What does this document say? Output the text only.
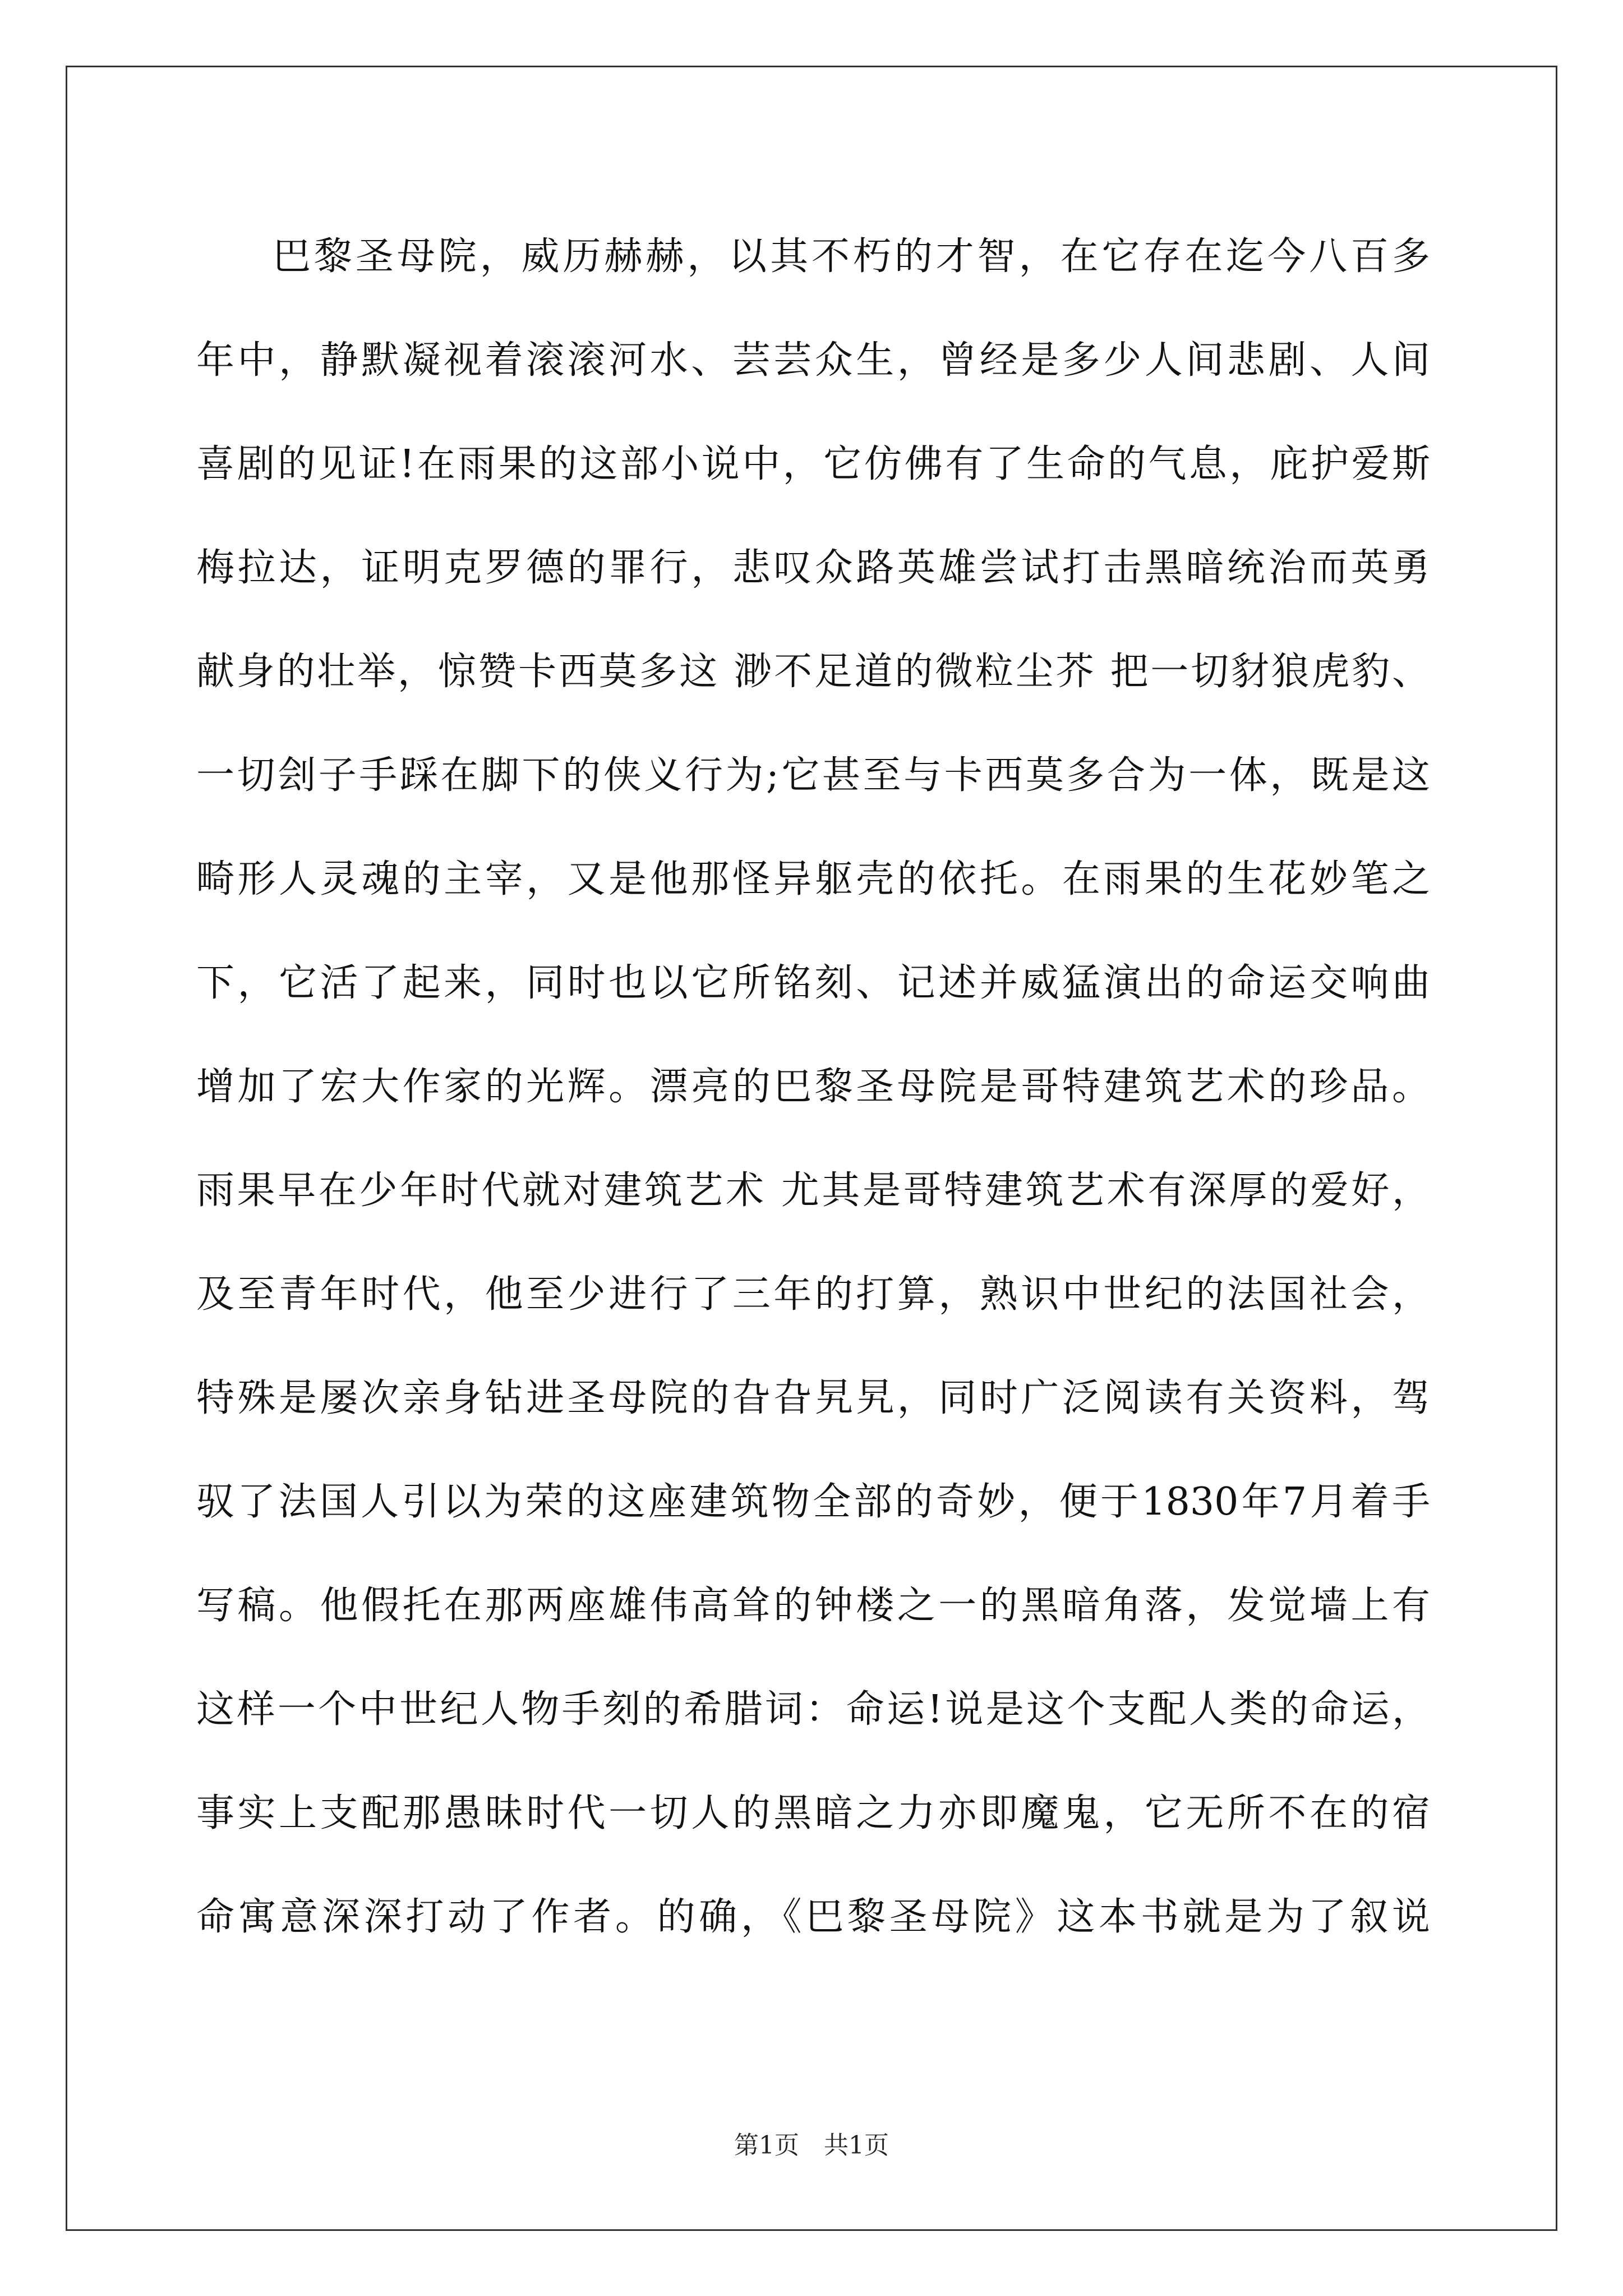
巴黎圣母院，威历赫赫，以其不朽的才智，在它存在迄今八百多
年中，静默凝视着滚滚河水、芸芸众生，曾经是多少人间悲剧、人间
喜剧的见证!在雨果的这部小说中，它仿佛有了生命的气息，庇护爱斯
梅拉达，证明克罗德的罪行，悲叹众路英雄尝试打击黑暗统治而英勇
献身的壮举，惊赞卡西莫多这 渺不足道的微粒尘芥 把一切豺狼虎豹、
一切刽子手踩在脚下的侠义行为;它甚至与卡西莫多合为一体，既是这
畸形人灵魂的主宰，又是他那怪异躯壳的依托。在雨果的生花妙笔之
下，它活了起来，同时也以它所铭刻、记述并威猛演出的命运交响曲
增加了宏大作家的光辉。漂亮的巴黎圣母院是哥特建筑艺术的珍品。
雨果早在少年时代就对建筑艺术 尤其是哥特建筑艺术有深厚的爱好，
及至青年时代，他至少进行了三年的打算，熟识中世纪的法国社会，
特殊是屡次亲身钻进圣母院的旮旮旯旯，同时广泛阅读有关资料，驾
驭了法国人引以为荣的这座建筑物全部的奇妙，便于1830年7月着手
写稿。他假托在那两座雄伟高耸的钟楼之一的黑暗角落，发觉墙上有
这样一个中世纪人物手刻的希腊词：命运!说是这个支配人类的命运，
事实上支配那愚昧时代一切人的黑暗之力亦即魔鬼，它无所不在的宿
命寓意深深打动了作者。的确，《巴黎圣母院》这本书就是为了叙说
第1页　共1页
